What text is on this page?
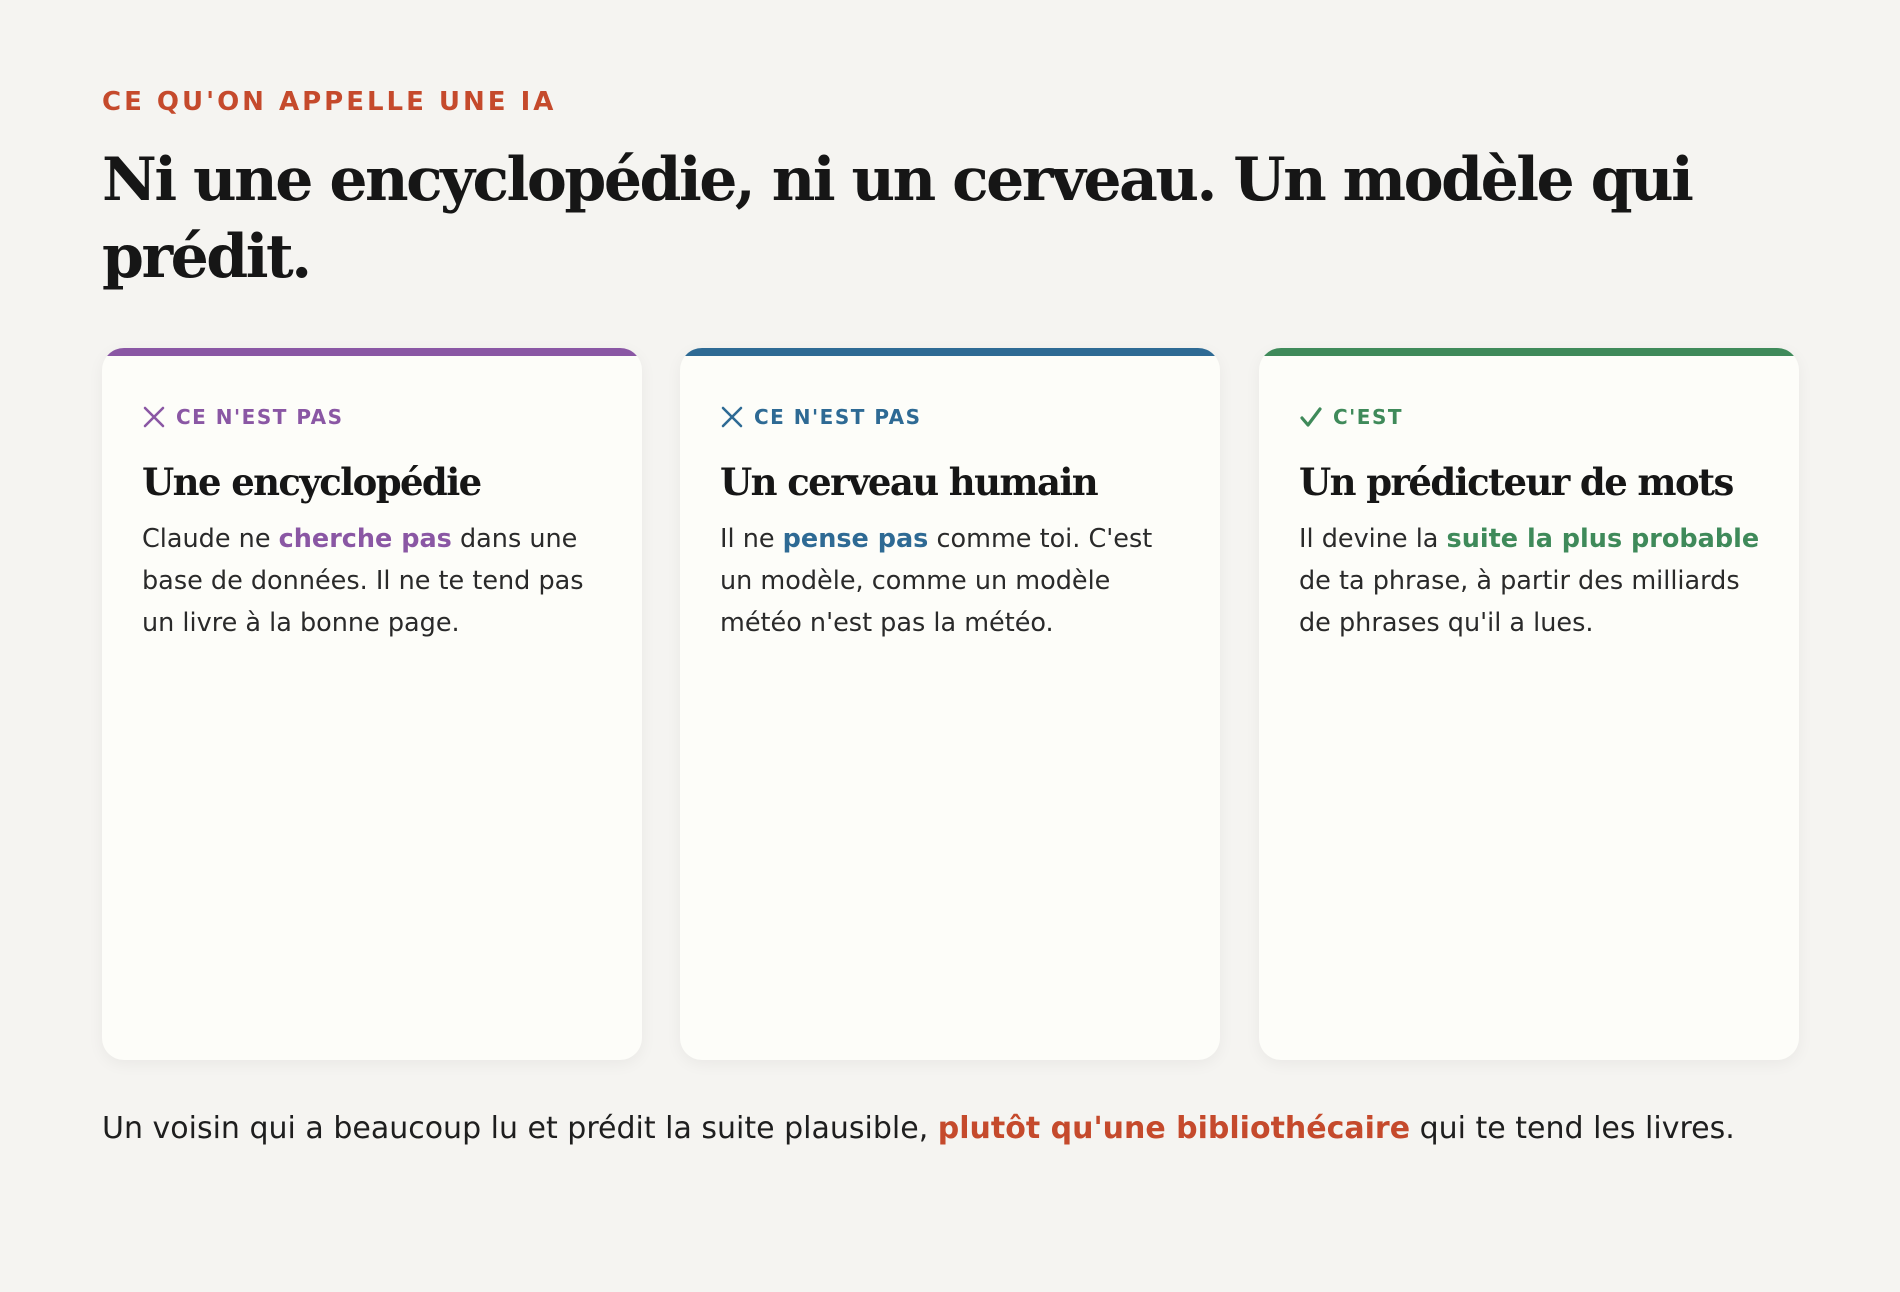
CE QU'ON APPELLE UNE IA

Ni une encyclopédie, ni un cerveau. Un modèle qui prédit.
CE N'EST PAS
Une encyclopédie

Claude ne cherche pas dans une base de données. Il ne te tend pas un livre à la bonne page.

CE N'EST PAS
Un cerveau humain

Il ne pense pas comme toi. C'est un modèle, comme un modèle météo n'est pas la météo.

C'EST
Un prédicteur de mots

Il devine la suite la plus probable de ta phrase, à partir des milliards de phrases qu'il a lues.

Un voisin qui a beaucoup lu et prédit la suite plausible, plutôt qu'une bibliothécaire qui te tend les livres.
